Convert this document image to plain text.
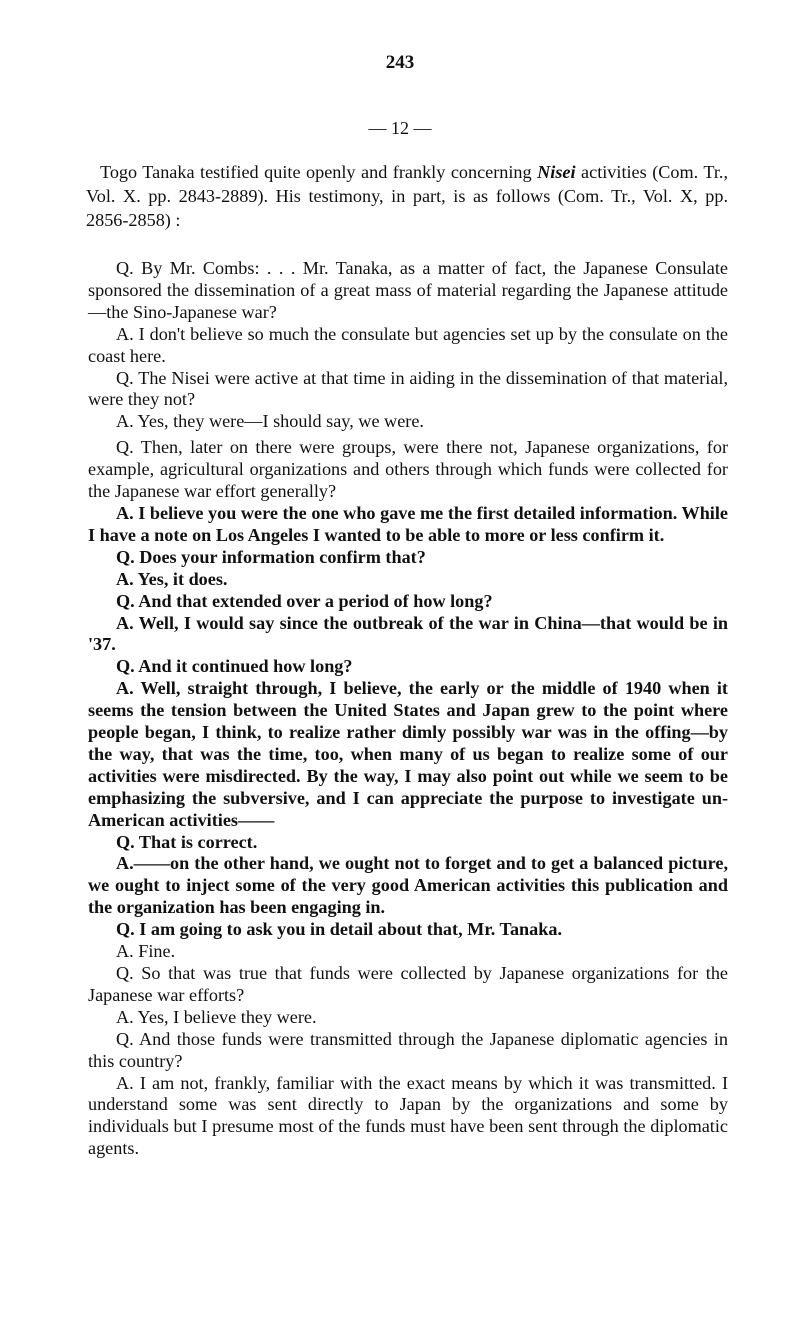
243
— 12 —
Togo Tanaka testified quite openly and frankly concerning Nisei activities (Com. Tr., Vol. X. pp. 2843-2889). His testimony, in part, is as follows (Com. Tr., Vol. X, pp. 2856-2858) :

Q. By Mr. Combs: . . . Mr. Tanaka, as a matter of fact, the Japanese Consulate sponsored the dissemination of a great mass of material regarding the Japanese attitude—the Sino-Japanese war?

A. I don't believe so much the consulate but agencies set up by the consulate on the coast here.

Q. The Nisei were active at that time in aiding in the dissemination of that material, were they not?

A. Yes, they were—I should say, we were.

Q. Then, later on there were groups, were there not, Japanese organizations, for example, agricultural organizations and others through which funds were collected for the Japanese war effort generally?

A. I believe you were the one who gave me the first detailed information. While I have a note on Los Angeles I wanted to be able to more or less confirm it.

Q. Does your information confirm that?

A. Yes, it does.

Q. And that extended over a period of how long?

A. Well, I would say since the outbreak of the war in China—that would be in '37.

Q. And it continued how long?

A. Well, straight through, I believe, the early or the middle of 1940 when it seems the tension between the United States and Japan grew to the point where people began, I think, to realize rather dimly possibly war was in the offing—by the way, that was the time, too, when many of us began to realize some of our activities were misdirected. By the way, I may also point out while we seem to be emphasizing the subversive, and I can appreciate the purpose to investigate un-American activities——

Q. That is correct.

A.——on the other hand, we ought not to forget and to get a balanced picture, we ought to inject some of the very good American activities this publication and the organization has been engaging in.

Q. I am going to ask you in detail about that, Mr. Tanaka.

A. Fine.

Q. So that was true that funds were collected by Japanese organizations for the Japanese war efforts?

A. Yes, I believe they were.

Q. And those funds were transmitted through the Japanese diplomatic agencies in this country?

A. I am not, frankly, familiar with the exact means by which it was transmitted. I understand some was sent directly to Japan by the organizations and some by individuals but I presume most of the funds must have been sent through the diplomatic agents.
